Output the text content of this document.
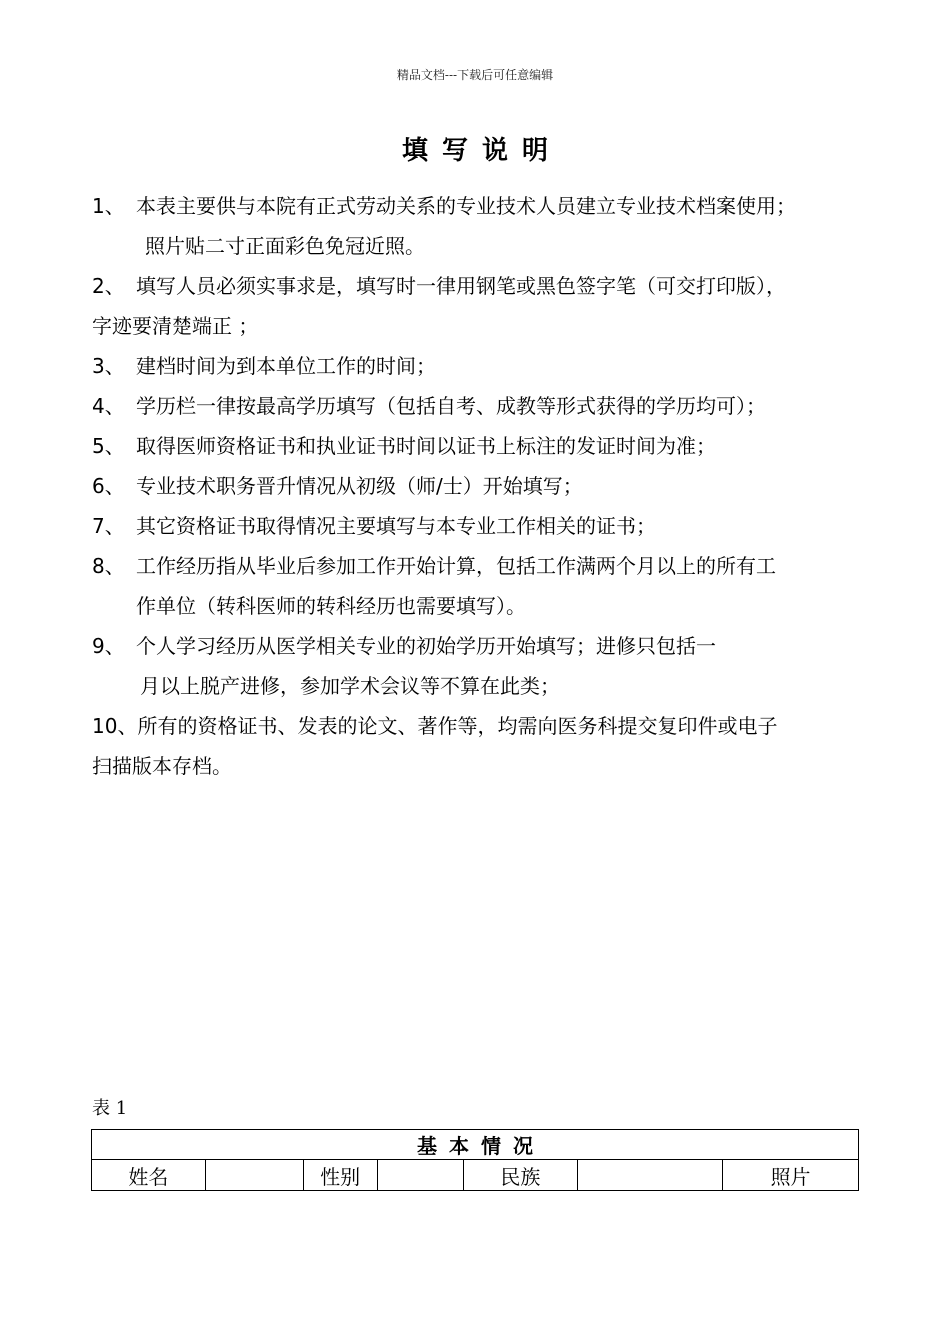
精品文档---下载后可任意编辑
填写说明
1、 本表主要供与本院有正式劳动关系的专业技术人员建立专业技术档案使用；
照片贴二寸正面彩色免冠近照。
2、 填写人员必须实事求是，填写时一律用钢笔或黑色签字笔（可交打印版），
字迹要清楚端正 ；
3、 建档时间为到本单位工作的时间；
4、 学历栏一律按最高学历填写（包括自考、成教等形式获得的学历均可）；
5、 取得医师资格证书和执业证书时间以证书上标注的发证时间为准；
6、 专业技术职务晋升情况从初级（师/士）开始填写；
7、 其它资格证书取得情况主要填写与本专业工作相关的证书；
8、 工作经历指从毕业后参加工作开始计算，包括工作满两个月以上的所有工
作单位（转科医师的转科经历也需要填写）。
9、 个人学习经历从医学相关专业的初始学历开始填写；进修只包括一
月以上脱产进修，参加学术会议等不算在此类；
10、 所有的资格证书、发表的论文、著作等，均需向医务科提交复印件或电子
扫描版本存档。
表 1
基本情况
姓名		性别		民族		照片
